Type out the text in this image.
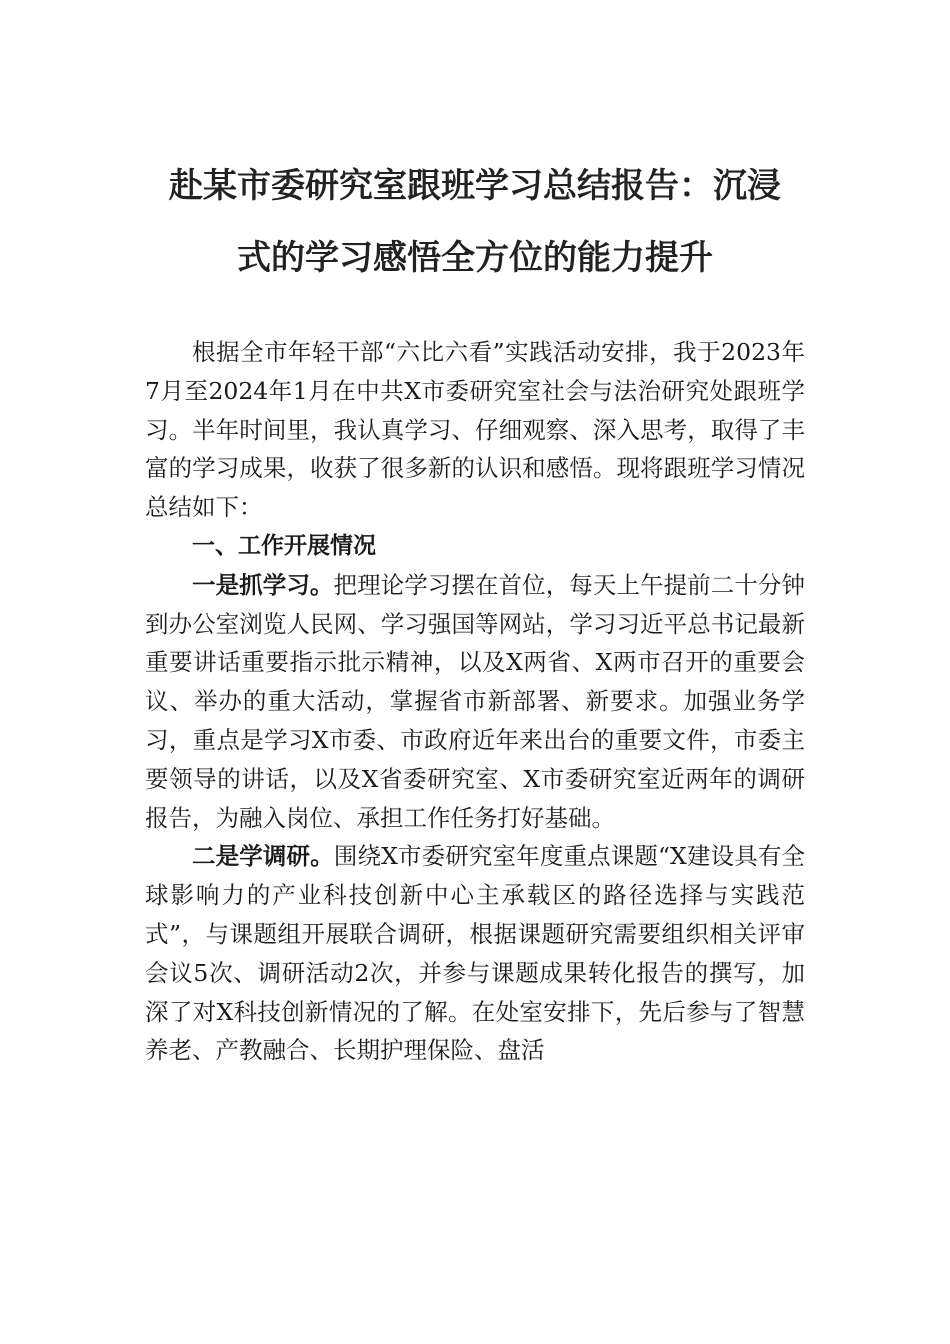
赴某市委研究室跟班学习总结报告：沉浸
式的学习感悟全方位的能力提升

根据全市年轻干部“六比六看”实践活动安排，我于2023年7月至2024年1月在中共X市委研究室社会与法治研究处跟班学习。半年时间里，我认真学习、仔细观察、深入思考，取得了丰富的学习成果，收获了很多新的认识和感悟。现将跟班学习情况总结如下：

一、工作开展情况

一是抓学习。把理论学习摆在首位，每天上午提前二十分钟到办公室浏览人民网、学习强国等网站，学习习近平总书记最新重要讲话重要指示批示精神，以及X两省、X两市召开的重要会议、举办的重大活动，掌握省市新部署、新要求。加强业务学习，重点是学习X市委、市政府近年来出台的重要文件，市委主要领导的讲话，以及X省委研究室、X市委研究室近两年的调研报告，为融入岗位、承担工作任务打好基础。

二是学调研。围绕X市委研究室年度重点课题“X建设具有全球影响力的产业科技创新中心主承载区的路径选择与实践范式”，与课题组开展联合调研，根据课题研究需要组织相关评审会议5次、调研活动2次，并参与课题成果转化报告的撰写，加深了对X科技创新情况的了解。在处室安排下，先后参与了智慧养老、产教融合、长期护理保险、盘活
